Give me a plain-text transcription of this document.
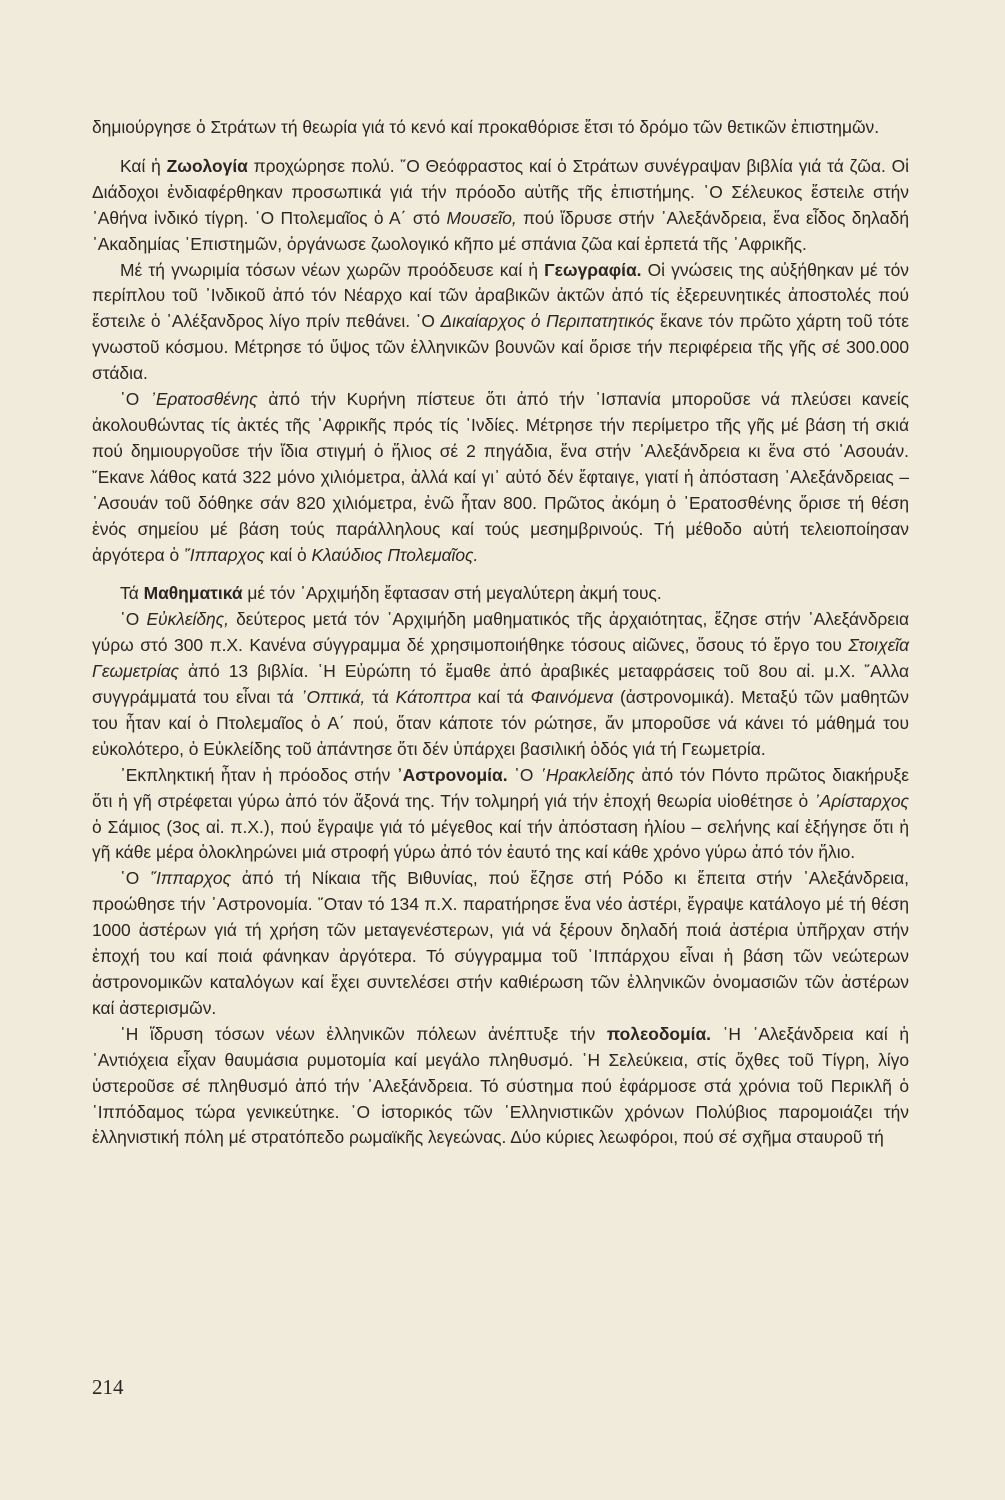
δημιούργησε ὁ Στράτων τή θεωρία γιά τό κενό καί προκαθόρισε ἔτσι τό δρόμο τῶν θετικῶν ἐπιστημῶν.

Καί ἡ Ζωολογία προχώρησε πολύ. ῞Ο Θεόφραστος καί ὁ Στράτων συνέγραψαν βιβλία γιά τά ζῶα. Οἱ Διάδοχοι ἐνδιαφέρθηκαν προσωπικά γιά τήν πρόοδο αὐτῆς τῆς ἐπιστήμης. ῾Ο Σέλευκος ἔστειλε στήν ᾿Αθήνα ἰνδικό τίγρη. ῾Ο Πτολεμαῖος ὁ Α΄ στό Μουσεῖο, πού ἵδρυσε στήν ᾿Αλεξάνδρεια, ἕνα εἶδος δηλαδή ᾿Ακαδημίας ᾿Επιστημῶν, ὀργάνωσε ζωολογικό κῆπο μέ σπάνια ζῶα καί ἑρπετά τῆς ᾿Αφρικῆς.

Μέ τή γνωριμία τόσων νέων χωρῶν προόδευσε καί ἡ Γεωγραφία. Οἱ γνώσεις της αὐξήθηκαν μέ τόν περίπλου τοῦ ᾿Ινδικοῦ ἀπό τόν Νέαρχο καί τῶν ἀραβικῶν ἀκτῶν ἀπό τίς ἐξερευνητικές ἀποστολές πού ἔστειλε ὁ ᾿Αλέξανδρος λίγο πρίν πεθάνει. ῾Ο Δικαίαρχος ὁ Περιπατητικός ἔκανε τόν πρῶτο χάρτη τοῦ τότε γνωστοῦ κόσμου. Μέτρησε τό ὕψος τῶν ἑλληνικῶν βουνῶν καί ὅρισε τήν περιφέρεια τῆς γῆς σέ 300.000 στάδια.

῾Ο ᾿Ερατοσθένης ἀπό τήν Κυρήνη πίστευε ὅτι ἀπό τήν ᾿Ισπανία μποροῦσε νά πλεύσει κανείς ἀκολουθώντας τίς ἀκτές τῆς ᾿Αφρικῆς πρός τίς ᾿Ινδίες. Μέτρησε τήν περίμετρο τῆς γῆς μέ βάση τή σκιά πού δημιουργοῦσε τήν ἴδια στιγμή ὁ ἥλιος σέ 2 πηγάδια, ἕνα στήν ᾿Αλεξάνδρεια κι ἕνα στό ᾿Ασουάν. ῎Εκανε λάθος κατά 322 μόνο χιλιόμετρα, ἀλλά καί γι᾿ αὐτό δέν ἔφταιγε, γιατί ἡ ἀπόσταση ᾿Αλεξάνδρειας – ᾿Ασουάν τοῦ δόθηκε σάν 820 χιλιόμετρα, ἐνῶ ἦταν 800. Πρῶτος ἀκόμη ὁ ᾿Ερατοσθένης ὅρισε τή θέση ἑνός σημείου μέ βάση τούς παράλληλους καί τούς μεσημβρινούς. Τή μέθοδο αὐτή τελειοποίησαν ἀργότερα ὁ ῞Ιππαρχος καί ὁ Κλαύδιος Πτολεμαῖος.

Τά Μαθηματικά μέ τόν ᾿Αρχιμήδη ἔφτασαν στή μεγαλύτερη ἀκμή τους.

῾Ο Εὐκλείδης, δεύτερος μετά τόν ᾿Αρχιμήδη μαθηματικός τῆς ἀρχαιότητας, ἔζησε στήν ᾿Αλεξάνδρεια γύρω στό 300 π.Χ. Κανένα σύγγραμμα δέ χρησιμοποιήθηκε τόσους αἰῶνες, ὅσους τό ἔργο του Στοιχεῖα Γεωμετρίας ἀπό 13 βιβλία. ῾Η Εὐρώπη τό ἔμαθε ἀπό ἀραβικές μεταφράσεις τοῦ 8ου αἰ. μ.Χ. ῎Αλλα συγγράμματά του εἶναι τά ᾿Οπτικά, τά Κάτοπτρα καί τά Φαινόμενα (ἀστρονομικά). Μεταξύ τῶν μαθητῶν του ἦταν καί ὁ Πτολεμαῖος ὁ Α΄ πού, ὅταν κάποτε τόν ρώτησε, ἄν μποροῦσε νά κάνει τό μάθημά του εὐκολότερο, ὁ Εὐκλείδης τοῦ ἀπάντησε ὅτι δέν ὑπάρχει βασιλική ὁδός γιά τή Γεωμετρία.

᾿Εκπληκτική ἦταν ἡ πρόοδος στήν ᾿Αστρονομία. ῾Ο ῾Ηρακλείδης ἀπό τόν Πόντο πρῶτος διακήρυξε ὅτι ἡ γῆ στρέφεται γύρω ἀπό τόν ἄξονά της. Τήν τολμηρή γιά τήν ἐποχή θεωρία υἱοθέτησε ὁ ᾿Αρίσταρχος ὁ Σάμιος (3ος αἰ. π.Χ.), πού ἔγραψε γιά τό μέγεθος καί τήν ἀπόσταση ἡλίου – σελήνης καί ἐξήγησε ὅτι ἡ γῆ κάθε μέρα ὁλοκληρώνει μιά στροφή γύρω ἀπό τόν ἑαυτό της καί κάθε χρόνο γύρω ἀπό τόν ἥλιο.

῾Ο ῞Ιππαρχος ἀπό τή Νίκαια τῆς Βιθυνίας, πού ἔζησε στή Ρόδο κι ἔπειτα στήν ᾿Αλεξάνδρεια, προώθησε τήν ᾿Αστρονομία. ῞Οταν τό 134 π.Χ. παρατήρησε ἕνα νέο ἀστέρι, ἔγραψε κατάλογο μέ τή θέση 1000 ἀστέρων γιά τή χρήση τῶν μεταγενέστερων, γιά νά ξέρουν δηλαδή ποιά ἀστέρια ὑπῆρχαν στήν ἐποχή του καί ποιά φάνηκαν ἀργότερα. Τό σύγγραμμα τοῦ ῾Ιππάρχου εἶναι ἡ βάση τῶν νεώτερων ἀστρονομικῶν καταλόγων καί ἔχει συντελέσει στήν καθιέρωση τῶν ἑλληνικῶν ὀνομασιῶν τῶν ἀστέρων καί ἀστερισμῶν.

῾Η ἵδρυση τόσων νέων ἑλληνικῶν πόλεων ἀνέπτυξε τήν πολεοδομία. ῾Η ᾿Αλεξάνδρεια καί ἡ ᾿Αντιόχεια εἶχαν θαυμάσια ρυμοτομία καί μεγάλο πληθυσμό. ῾Η Σελεύκεια, στίς ὄχθες τοῦ Τίγρη, λίγο ὑστεροῦσε σέ πληθυσμό ἀπό τήν ᾿Αλεξάνδρεια. Τό σύστημα πού ἐφάρμοσε στά χρόνια τοῦ Περικλῆ ὁ ῾Ιππόδαμος τώρα γενικεύτηκε. ῾Ο ἱστορικός τῶν ῾Ελληνιστικῶν χρόνων Πολύβιος παρομοιάζει τήν ἑλληνιστική πόλη μέ στρατόπεδο ρωμαϊκῆς λεγεώνας. Δύο κύριες λεωφόροι, πού σέ σχῆμα σταυροῦ τή

214
